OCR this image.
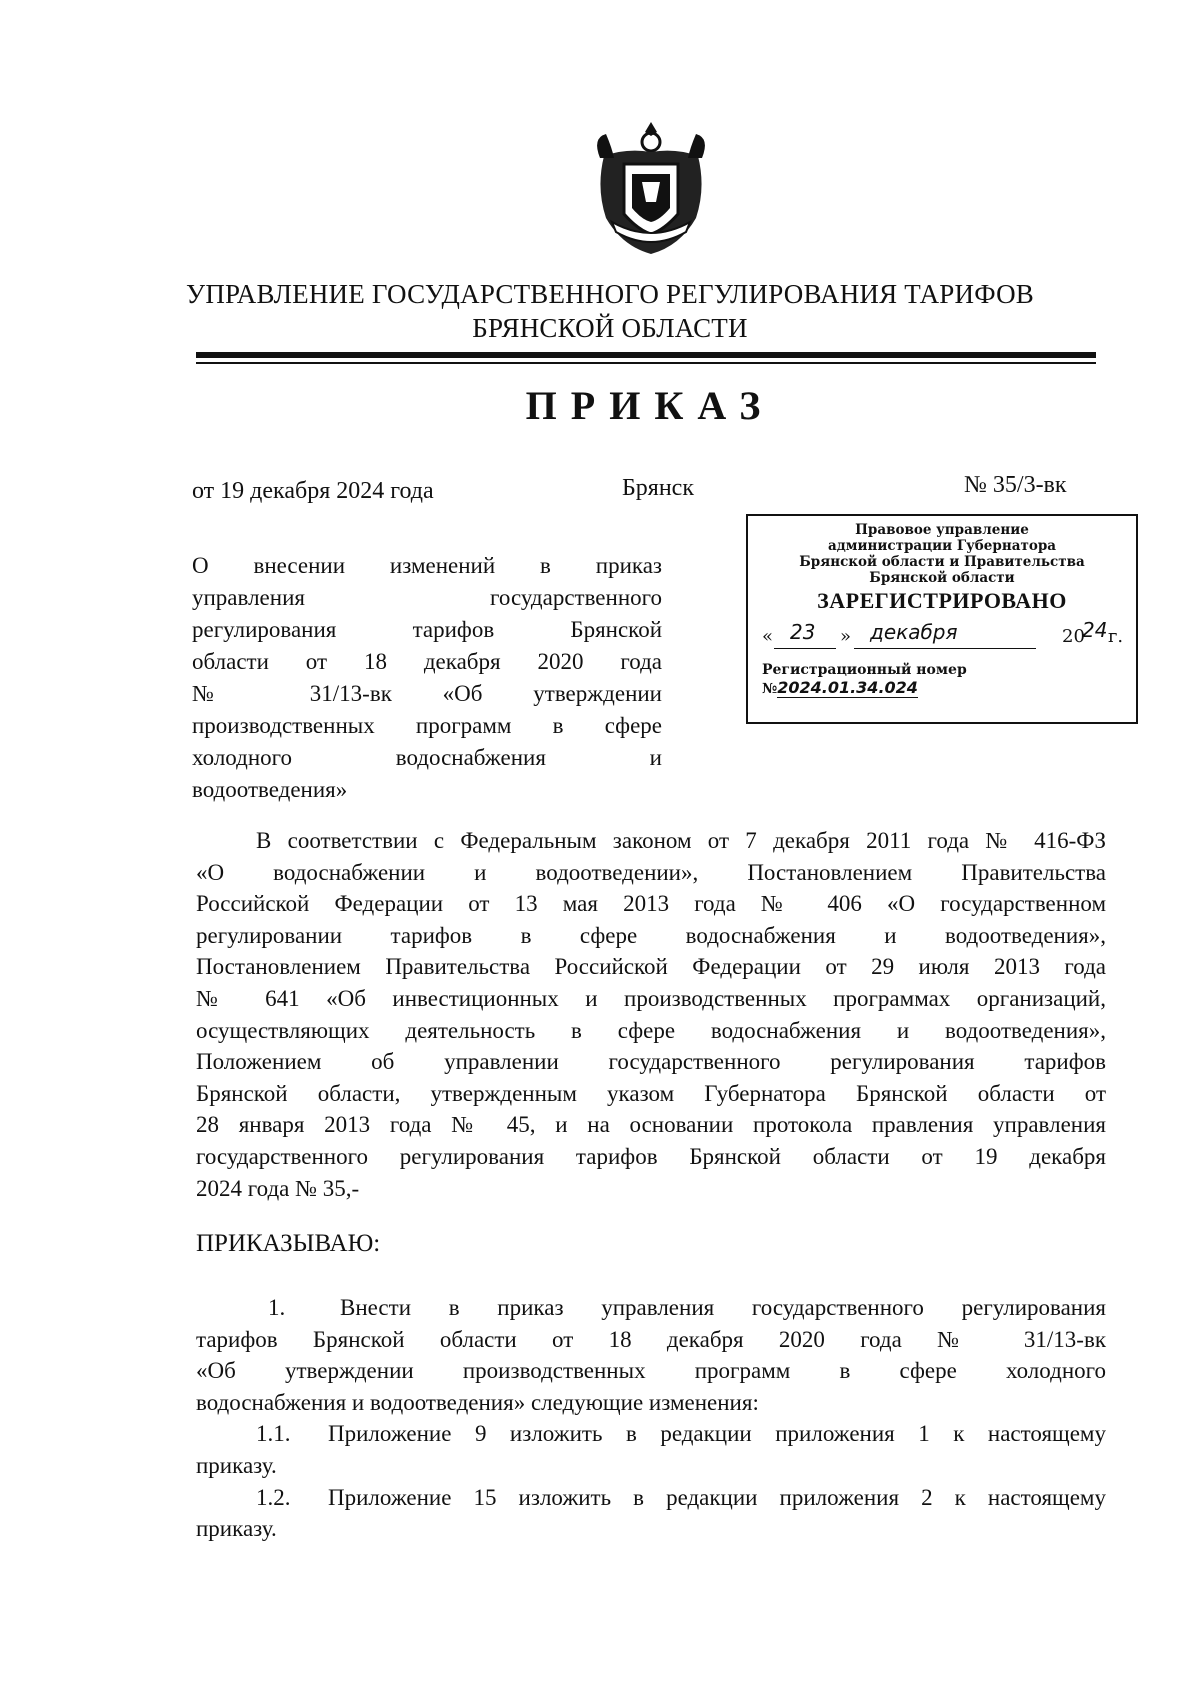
УПРАВЛЕНИЕ ГОСУДАРСТВЕННОГО РЕГУЛИРОВАНИЯ ТАРИФОВ
БРЯНСКОЙ ОБЛАСТИ
ПРИКАЗ
от 19 декабря 2024 года	Брянск	№ 35/3-вк
Правовое управление
администрации Губернатора
Брянской области и Правительства
Брянской области
ЗАРЕГИСТРИРОВАНО
« 23 » декабря	20
24 г.
Регистрационный номер №2024.01.34.024
О внесении изменений в приказ
управления государственного
регулирования тарифов Брянской
области от 18 декабря 2020 года
№ 31/13-вк «Об утверждении
производственных программ в сфере
холодного водоснабжения и
водоотведения»
В соответствии с Федеральным законом от 7 декабря 2011 года № 416-ФЗ
«О водоснабжении и водоотведении», Постановлением Правительства
Российской Федерации от 13 мая 2013 года № 406 «О государственном
регулировании тарифов в сфере водоснабжения и водоотведения»,
Постановлением Правительства Российской Федерации от 29 июля 2013 года
№ 641 «Об инвестиционных и производственных программах организаций,
осуществляющих деятельность в сфере водоснабжения и водоотведения»,
Положением об управлении государственного регулирования тарифов
Брянской области, утвержденным указом Губернатора Брянской области от
28 января 2013 года № 45, и на основании протокола правления управления
государственного регулирования тарифов Брянской области от 19 декабря
2024 года № 35,-
ПРИКАЗЫВАЮ:
1. Внести в приказ управления государственного регулирования
тарифов Брянской области от 18 декабря 2020 года № 31/13-вк
«Об утверждении производственных программ в сфере холодного
водоснабжения и водоотведения» следующие изменения:
1.1. Приложение 9 изложить в редакции приложения 1 к настоящему
приказу.
1.2. Приложение 15 изложить в редакции приложения 2 к настоящему
приказу.
